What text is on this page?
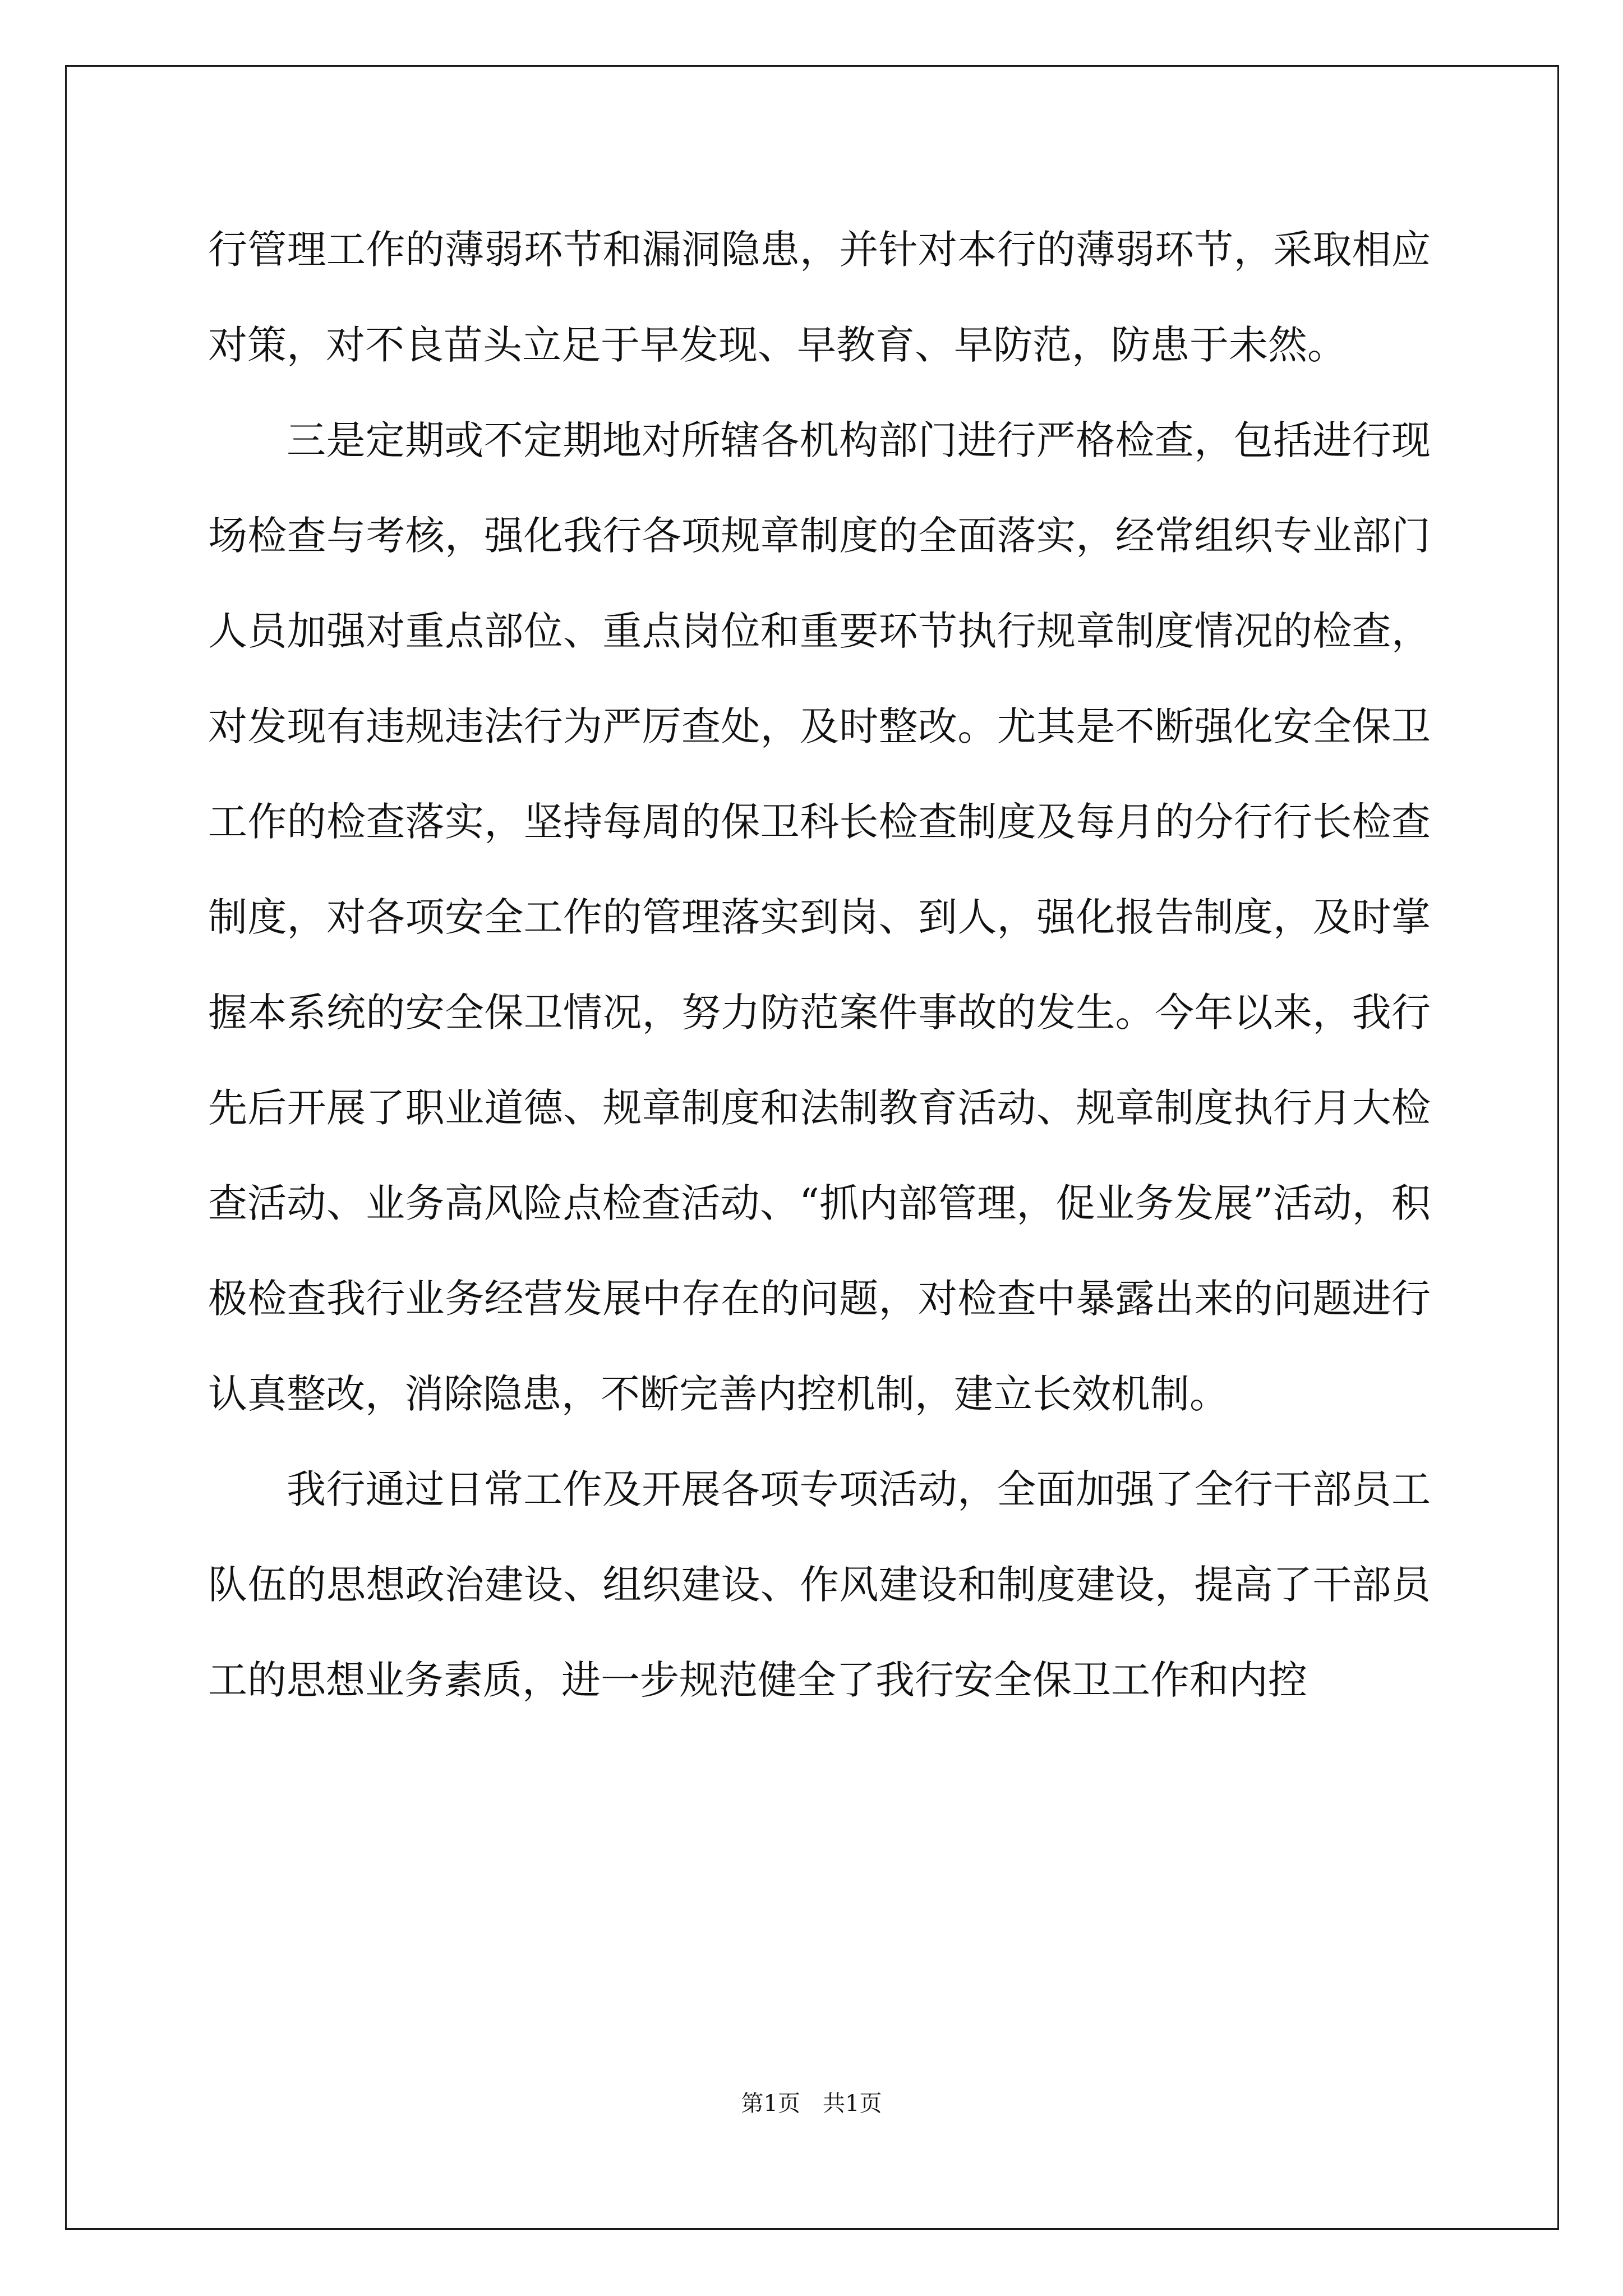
行管理工作的薄弱环节和漏洞隐患，并针对本行的薄弱环节，采取相应对策，对不良苗头立足于早发现、早教育、早防范，防患于未然。

三是定期或不定期地对所辖各机构部门进行严格检查，包括进行现场检查与考核，强化我行各项规章制度的全面落实，经常组织专业部门人员加强对重点部位、重点岗位和重要环节执行规章制度情况的检查，对发现有违规违法行为严厉查处，及时整改。尤其是不断强化安全保卫工作的检查落实，坚持每周的保卫科长检查制度及每月的分行行长检查制度，对各项安全工作的管理落实到岗、到人，强化报告制度，及时掌握本系统的安全保卫情况，努力防范案件事故的发生。今年以来，我行先后开展了职业道德、规章制度和法制教育活动、规章制度执行月大检查活动、业务高风险点检查活动、“抓内部管理，促业务发展”活动，积极检查我行业务经营发展中存在的问题，对检查中暴露出来的问题进行认真整改，消除隐患，不断完善内控机制，建立长效机制。

我行通过日常工作及开展各项专项活动，全面加强了全行干部员工队伍的思想政治建设、组织建设、作风建设和制度建设，提高了干部员工的思想业务素质，进一步规范健全了我行安全保卫工作和内控

第1页　共1页
